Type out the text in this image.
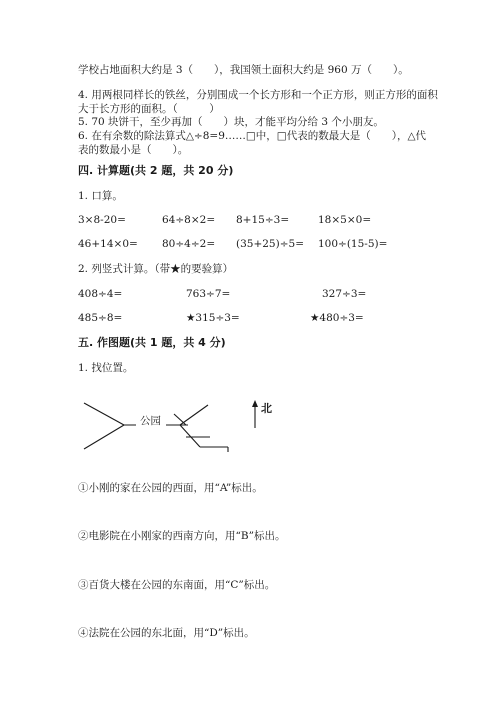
学校占地面积大约是 3（　　），我国领土面积大约是 960 万（　　）。
4. 用两根同样长的铁丝，分别围成一个长方形和一个正方形，则正方形的面积
大于长方形的面积。（　　　）
5. 70 块饼干，至少再加（　　）块，才能平均分给 3 个小朋友。
6. 在有余数的除法算式△÷8=9……□中，□代表的数最大是（　　），△代
表的数最小是（　　）。
四. 计算题(共 2 题，共 20 分)
1. 口算。
3×8-20=	64÷8×2= 8+15÷3=	18×5×0=
46+14×0= 80÷4÷2= (35+25)÷5= 100÷(15-5)=
2. 列竖式计算。（带★的要验算）
408÷4=	763÷7=	327÷3=
485÷8=	★315÷3=	★480÷3=
五. 作图题(共 1 题，共 4 分)
1. 找位置。
公园
北
①小刚的家在公园的西面，用“A”标出。
②电影院在小刚家的西南方向，用“B”标出。
③百货大楼在公园的东南面，用“C”标出。
④法院在公园的东北面，用“D”标出。
